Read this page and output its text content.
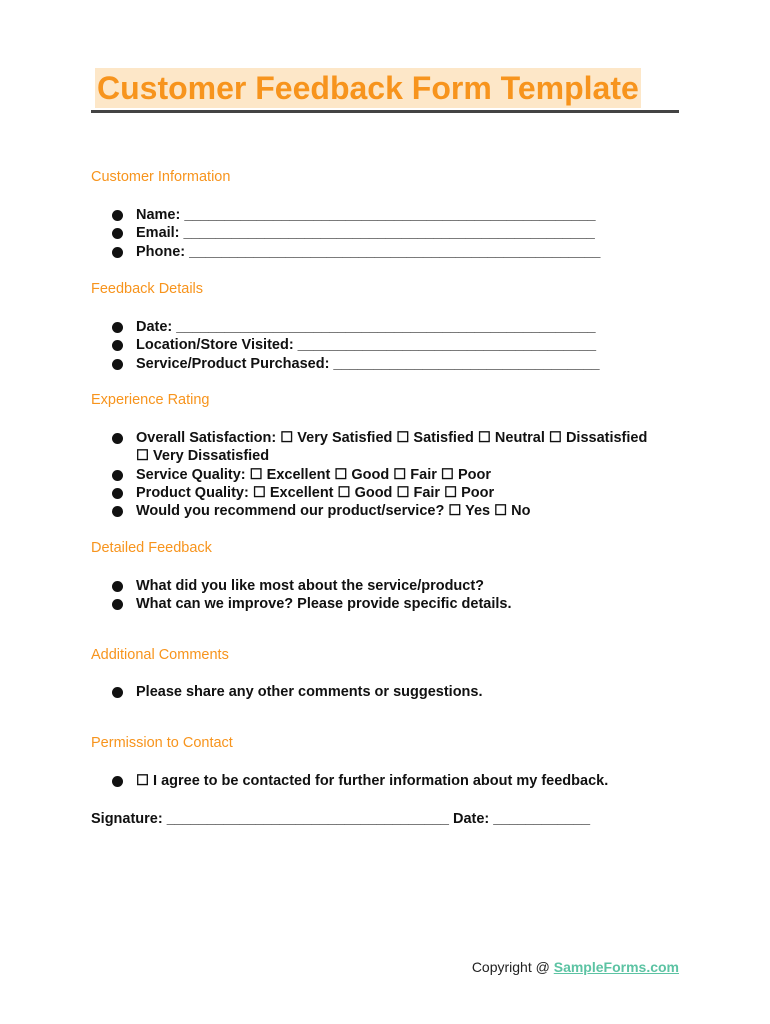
Customer Feedback Form Template
Customer Information
Name: ___________________________________________________
Email: ___________________________________________________
Phone: ___________________________________________________
Feedback Details
Date: ____________________________________________________
Location/Store Visited: _____________________________________
Service/Product Purchased: _________________________________
Experience Rating
Overall Satisfaction: ☐ Very Satisfied ☐ Satisfied ☐ Neutral ☐ Dissatisfied
☐ Very Dissatisfied
Service Quality: ☐ Excellent ☐ Good ☐ Fair ☐ Poor
Product Quality: ☐ Excellent ☐ Good ☐ Fair ☐ Poor
Would you recommend our product/service? ☐ Yes ☐ No
Detailed Feedback
What did you like most about the service/product?
What can we improve? Please provide specific details.
Additional Comments
Please share any other comments or suggestions.
Permission to Contact
☐ I agree to be contacted for further information about my feedback.
Signature: ___________________________________ Date: ____________
Copyright @ SampleForms.com
